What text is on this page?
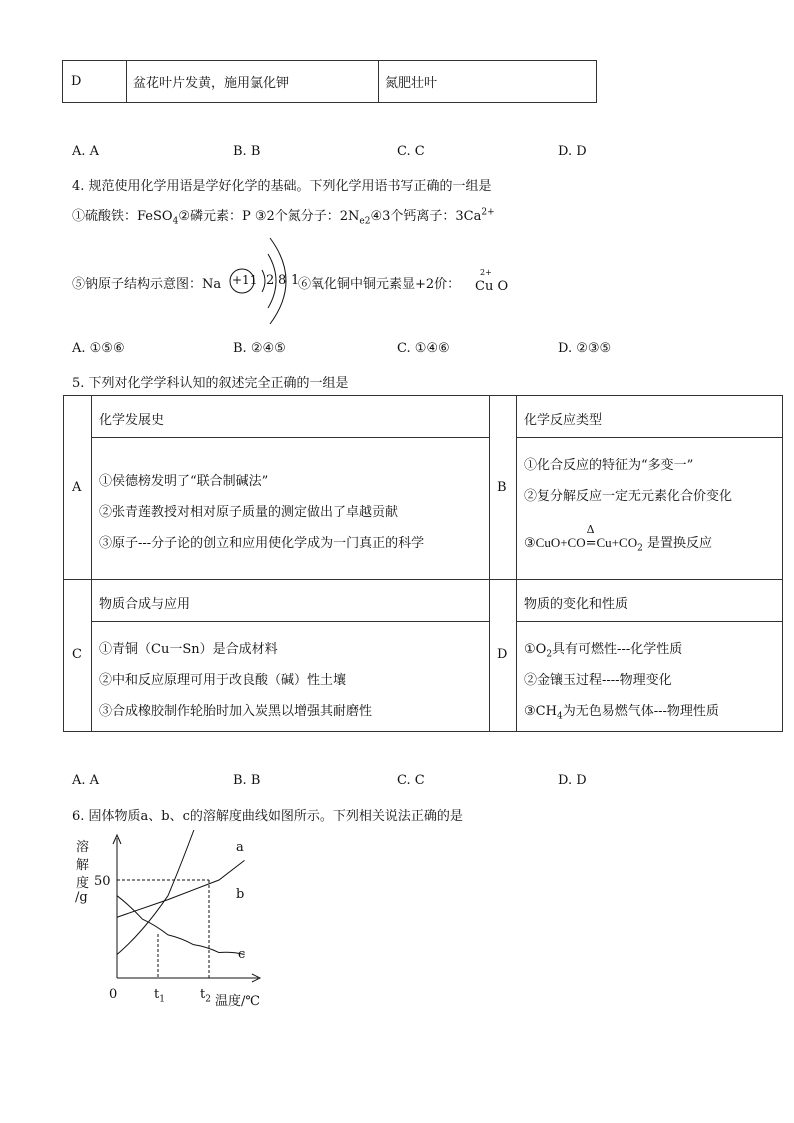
D	盆花叶片发黄，施用氯化钾	氮肥壮叶
A. A	B. B	C. C	D. D
4. 规范使用化学用语是学好化学的基础。下列化学用语书写正确的一组是
①硫酸铁：FeSO$_4$②磷元素：P ③2个氮分子：$2N_{e2}④3$个钙离子：$3Ca^{2+}$
⑤钠原子结构示意图：Na +11 2 8 1
⑥氧化铜中铜元素显+2价：
2+
Cu O
A. ①⑤⑥	B. ②④⑤	C. ①④⑥	D. ②③⑤
5. 下列对化学学科认知的叙述完全正确的一组是
A
化学发展史
①侯德榜发明了“联合制碱法”
②张青莲教授对相对原子质量的测定做出了卓越贡献
③原子---分子论的创立和应用使化学成为一门真正的科学
B
化学反应类型
①化合反应的特征为“多变一”
②复分解反应一定无元素化合价变化
③CuO+CO
Δ
$=Cu+CO_2$ 是置换反应
C
物质合成与应用
①青铜（Cu一Sn）是合成材料
②中和反应原理可用于改良酸（碱）性土壤
③合成橡胶制作轮胎时加入炭黑以增强其耐磨性
D
物质的变化和性质
$①O_2$具有可燃性---化学性质
②金镶玉过程----物理变化
$③CH_4$为无色易燃气体---物理性质
A. A	B. B	C. C	D. D
6. 固体物质a、b、c的溶解度曲线如图所示。下列相关说法正确的是
溶
解
度
/g
50
0	$t_1$	$t_2$ 温度/℃
a
b
c
